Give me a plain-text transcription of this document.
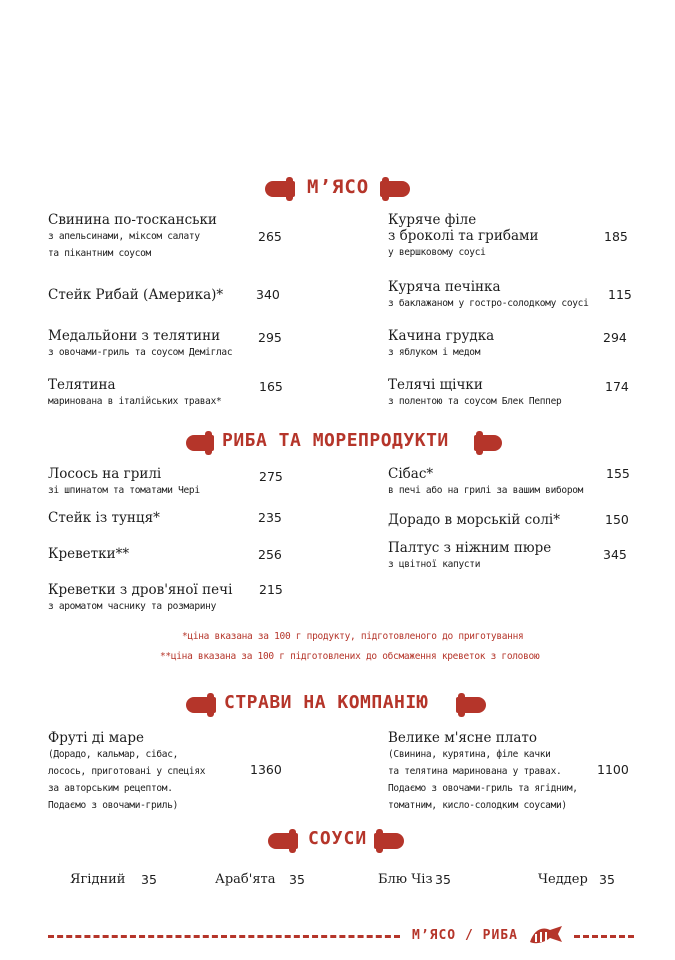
М’ЯСО
Свинина по-тосканськи
з апельсинами, міксом салату
та пікантним соусом
265
Стейк Рибай (Америка)*	340
Медальйони з телятини
з овочами-гриль та соусом Деміглас
295
Телятина
маринована в італійських травах*
165
Куряче філе
з броколі та грибами
у вершковому соусі
185
Куряча печінка
з баклажаном у гостро-солодкому соусі
115
Качина грудка
з яблуком і медом
294
Телячі щічки
з полентою та соусом Блек Пеппер
174
РИБА ТА МОРЕПРОДУКТИ
Лосось на грилі
зі шпинатом та томатами Чері
275
Стейк із тунця*	235
Креветки**	256
Креветки з дров'яної печі
з ароматом часнику та розмарину
215
Сібас*
в печі або на грилі за вашим вибором
155
Дорадо в морській солі*	150
Палтус з ніжним пюре
з цвітної капусти
345
*ціна вказана за 100 г продукту, підготовленого до приготування
**ціна вказана за 100 г підготовлених до обсмаження креветок з головою
СТРАВИ НА КОМПАНІЮ
Фруті ді маре
(Дорадо, кальмар, сібас,
лосось, приготовані у спеціях
за авторським рецептом.
Подаємо з овочами-гриль)
1360
Велике м'ясне плато
(Свинина, курятина, філе качки
та телятина маринована у травах.
Подаємо з овочами-гриль та ягідним,
томатним, кисло-солодким соусами)
1100
СОУСИ
Ягідний 35	Араб'ята 35	Блю Чіз 35	Чеддер 35
М’ЯСО / РИБА
